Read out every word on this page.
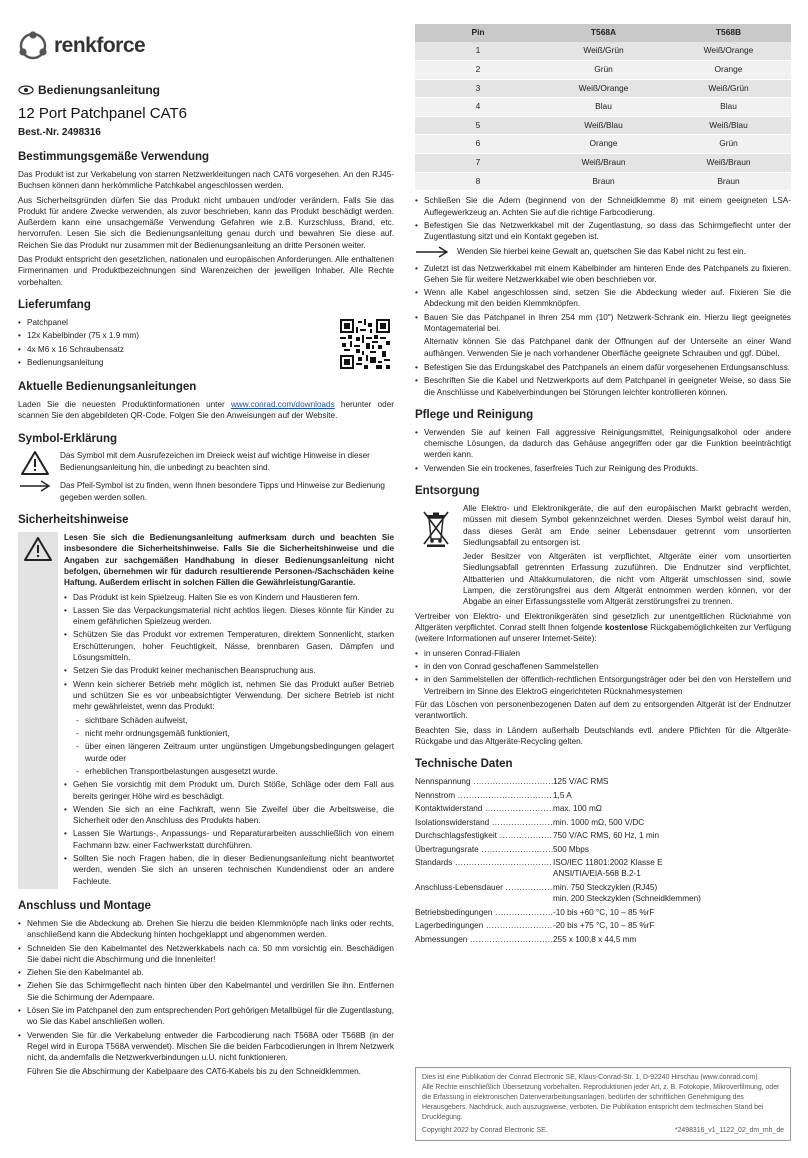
renkforce
Bedienungsanleitung
12 Port Patchpanel CAT6
Best.-Nr. 2498316
Bestimmungsgemäße Verwendung

Das Produkt ist zur Verkabelung von starren Netzwerkleitungen nach CAT6 vorgesehen. An den RJ45-Buchsen können dann herkömmliche Patchkabel angeschlossen werden.

Aus Sicherheitsgründen dürfen Sie das Produkt nicht umbauen und/oder verändern. Falls Sie das Produkt für andere Zwecke verwenden, als zuvor beschrieben, kann das Produkt beschädigt werden. Außerdem kann eine unsachgemäße Verwendung Gefahren wie z.B. Kurzschluss, Brand, etc. hervorrufen. Lesen Sie sich die Bedienungsanleitung genau durch und bewahren Sie diese auf. Reichen Sie das Produkt nur zusammen mit der Bedienungsanleitung an dritte Personen weiter.

Das Produkt entspricht den gesetzlichen, nationalen und europäischen Anforderungen. Alle enthaltenen Firmennamen und Produktbezeichnungen sind Warenzeichen der jeweiligen Inhaber. Alle Rechte vorbehalten.

Lieferumfang
• Patchpanel
• 12x Kabelbinder (75 x 1.9 mm)
• 4x M6 x 16 Schraubensatz
• Bedienungsanleitung
Aktuelle Bedienungsanleitungen

Laden Sie die neuesten Produktinformationen unter www.conrad.com/downloads herunter oder scannen Sie den abgebildeten QR-Code. Folgen Sie den Anweisungen auf der Website.

Symbol-Erklärung
Das Symbol mit dem Ausrufezeichen im Dreieck weist auf wichtige Hinweise in dieser Bedienungsanleitung hin, die unbedingt zu beachten sind.
Das Pfeil-Symbol ist zu finden, wenn Ihnen besondere Tipps und Hinweise zur Bedienung gegeben werden sollen.
Sicherheitshinweise

Lesen Sie sich die Bedienungsanleitung aufmerksam durch und beachten Sie insbesondere die Sicherheitshinweise. Falls Sie die Sicherheitshinweise und die Angaben zur sachgemäßen Handhabung in dieser Bedienungsanleitung nicht befolgen, übernehmen wir für dadurch resultierende Personen-/Sachschäden keine Haftung. Außerdem erlischt in solchen Fällen die Gewährleistung/Garantie.

• Das Produkt ist kein Spielzeug. Halten Sie es von Kindern und Haustieren fern.
• Lassen Sie das Verpackungsmaterial nicht achtlos liegen. Dieses könnte für Kinder zu einem gefährlichen Spielzeug werden.
• Schützen Sie das Produkt vor extremen Temperaturen, direktem Sonnenlicht, starken Erschütterungen, hoher Feuchtigkeit, Nässe, brennbaren Gasen, Dämpfen und Lösungsmitteln.
• Setzen Sie das Produkt keiner mechanischen Beanspruchung aus.
• Wenn kein sicherer Betrieb mehr möglich ist, nehmen Sie das Produkt außer Betrieb und schützen Sie es vor unbeabsichtigter Verwendung. Der sichere Betrieb ist nicht mehr gewährleistet, wenn das Produkt:
- sichtbare Schäden aufweist,
- nicht mehr ordnungsgemäß funktioniert,
- über einen längeren Zeitraum unter ungünstigen Umgebungsbedingungen gelagert wurde oder
- erheblichen Transportbelastungen ausgesetzt wurde.
• Gehen Sie vorsichtig mit dem Produkt um. Durch Stöße, Schläge oder dem Fall aus bereits geringer Höhe wird es beschädigt.
• Wenden Sie sich an eine Fachkraft, wenn Sie Zweifel über die Arbeitsweise, die Sicherheit oder den Anschluss des Produkts haben.
• Lassen Sie Wartungs-, Anpassungs- und Reparaturarbeiten ausschließlich von einem Fachmann bzw. einer Fachwerkstatt durchführen.
• Sollten Sie noch Fragen haben, die in dieser Bedienungsanleitung nicht beantwortet werden, wenden Sie sich an unseren technischen Kundendienst oder an andere Fachleute.
Anschluss und Montage
• Nehmen Sie die Abdeckung ab. Drehen Sie hierzu die beiden Klemmknöpfe nach links oder rechts, anschließend kann die Abdeckung hinten hochgeklappt und abgenommen werden.
• Schneiden Sie den Kabelmantel des Netzwerkkabels nach ca. 50 mm vorsichtig ein. Beschädigen Sie dabei nicht die Abschirmung und die Innenleiter!
• Ziehen Sie den Kabelmantel ab.
• Ziehen Sie das Schirmgeflecht nach hinten über den Kabelmantel und verdrillen Sie ihn. Entfernen Sie die Schirmung der Adernpaare.
• Lösen Sie im Patchpanel den zum entsprechenden Port gehörigen Metallbügel für die Zugentlastung, wo Sie das Kabel anschließen wollen.
• Verwenden Sie für die Verkabelung entweder die Farbcodierung nach T568A oder T568B (in der Regel wird in Europa T568A verwendet). Mischen Sie die beiden Farbcodierungen in Ihrem Netzwerk nicht, da andernfalls die Netzwerkverbindungen u.U. nicht funktionieren.

Führen Sie die Abschirmung der Kabelpaare des CAT6-Kabels bis zu den Schneidklemmen.

Pin	T568A	T568B
1	Weiß/Grün	Weiß/Orange
2	Grün	Orange
3	Weiß/Orange	Weiß/Grün
4	Blau	Blau
5	Weiß/Blau	Weiß/Blau
6	Orange	Grün
7	Weiß/Braun	Weiß/Braun
8	Braun	Braun
• Schließen Sie die Adern (beginnend von der Schneidklemme 8) mit einem geeigneten LSA-Auflegewerkzeug an. Achten Sie auf die richtige Farbcodierung.
• Befestigen Sie das Netzwerkkabel mit der Zugentlastung, so dass das Schirmgeflecht unter der Zugentlastung sitzt und ein Kontakt gegeben ist.
Wenden Sie hierbei keine Gewalt an, quetschen Sie das Kabel nicht zu fest ein.
• Zuletzt ist das Netzwerkkabel mit einem Kabelbinder am hinteren Ende des Patchpanels zu fixieren. Gehen Sie für weitere Netzwerkkabel wie oben beschrieben vor.
• Wenn alle Kabel angeschlossen sind, setzen Sie die Abdeckung wieder auf. Fixieren Sie die Abdeckung mit den beiden Klemmknöpfen.
• Bauen Sie das Patchpanel in Ihren 254 mm (10") Netzwerk-Schrank ein. Hierzu liegt geeignetes Montagematerial bei.

Alternativ können Sie das Patchpanel dank der Öffnungen auf der Unterseite an einer Wand aufhängen. Verwenden Sie je nach vorhandener Oberfläche geeignete Schrauben und ggf. Dübel.

• Befestigen Sie das Erdungskabel des Patchpanels an einem dafür vorgesehenen Erdungsanschluss.
• Beschriften Sie die Kabel und Netzwerkports auf dem Patchpanel in geeigneter Weise, so dass Sie die Anschlüsse und Kabelverbindungen bei Störungen leichter kontrollieren können.
Pflege und Reinigung
• Verwenden Sie auf keinen Fall aggressive Reinigungsmittel, Reinigungsalkohol oder andere chemische Lösungen, da dadurch das Gehäuse angegriffen oder gar die Funktion beeinträchtigt werden kann.
• Verwenden Sie ein trockenes, faserfreies Tuch zur Reinigung des Produkts.
Entsorgung

Alle Elektro- und Elektronikgeräte, die auf den europäischen Markt gebracht werden, müssen mit diesem Symbol gekennzeichnet werden. Dieses Symbol weist darauf hin, dass dieses Gerät am Ende seiner Lebensdauer getrennt vom unsortierten Siedlungsabfall zu entsorgen ist.

Jeder Besitzer von Altgeräten ist verpflichtet, Altgeräte einer vom unsortierten Siedlungsabfall getrennten Erfassung zuzuführen. Die Endnutzer sind verpflichtet, Altbatterien und Altakkumulatoren, die nicht vom Altgerät umschlossen sind, sowie Lampen, die zerstörungsfrei aus dem Altgerät entnommen werden können, vor der Abgabe an einer Erfassungsstelle vom Altgerät zerstörungsfrei zu trennen.

Vertreiber von Elektro- und Elektronikgeräten sind gesetzlich zur unentgeltlichen Rücknahme von Altgeräten verpflichtet. Conrad stellt Ihnen folgende kostenlose Rückgabemöglichkeiten zur Verfügung (weitere Informationen auf unserer Internet-Seite):

• in unseren Conrad-Filialen
• in den von Conrad geschaffenen Sammelstellen
• in den Sammelstellen der öffentlich-rechtlichen Entsorgungsträger oder bei den von Herstellern und Vertreibern im Sinne des ElektroG eingerichteten Rücknahmesystemen

Für das Löschen von personenbezogenen Daten auf dem zu entsorgenden Altgerät ist der Endnutzer verantwortlich.

Beachten Sie, dass in Ländern außerhalb Deutschlands evtl. andere Pflichten für die Altgeräte-Rückgabe und das Altgeräte-Recycling gelten.

Technische Daten
Nennspannung .....	125 V/AC RMS
Nennstrom .....	1,5 A
Kontaktwiderstand .....	max. 100 mΩ
Isolationswiderstand .....	min. 1000 mΩ, 500 V/DC
Durchschlagsfestigkeit .....	750 V/AC RMS, 60 Hz, 1 min
Übertragungsrate .....	500 Mbps
Standards .....	ISO/IEC 11801:2002 Klasse E
ANSI/TIA/EIA-568 B.2-1
Anschluss-Lebensdauer .....	min. 750 Steckzyklen (RJ45)
min. 200 Steckzyklen (Schneidklemmen)
Betriebsbedingungen .....	-10 bis +60 °C, 10 – 85 %rF
Lagerbedingungen .....	-20 bis +75 °C, 10 – 85 %rF
Abmessungen .....	255 x 100,8 x 44,5 mm
Dies ist eine Publikation der Conrad Electronic SE, Klaus-Conrad-Str. 1, D-92240 Hirschau (www.conrad.com).
Alle Rechte einschließlich Übersetzung vorbehalten. Reproduktionen jeder Art, z. B. Fotokopie, Mikroverfilmung, oder die Erfassung in elektronischen Datenverarbeitungsanlagen, bedürfen der schriftlichen Genehmigung des Herausgebers. Nachdruck, auch auszugsweise, verboten. Die Publikation entspricht dem technischen Stand bei Drucklegung.
Copyright 2022 by Conrad Electronic SE.	*2498316_v1_1122_02_dm_mh_de
